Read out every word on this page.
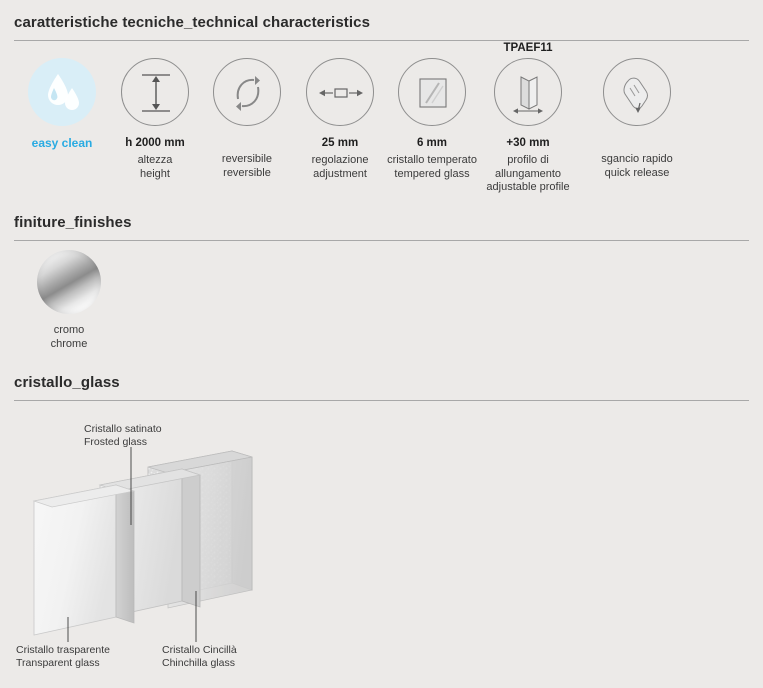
caratteristiche tecniche_technical characteristics
easy clean	h 2000 mm
altezza
height
reversibile
reversible
25 mm
regolazione
adjustment
6 mm
cristallo temperato
tempered glass
TPAEF11
+30 mm
profilo di allungamento
adjustable profile
sgancio rapido
quick release
finiture_finishes
cromo
chrome
cristallo_glass
Cristallo satinato
Frosted glass
Cristallo trasparente
Transparent glass
Cristallo Cincillà
Chinchilla glass
